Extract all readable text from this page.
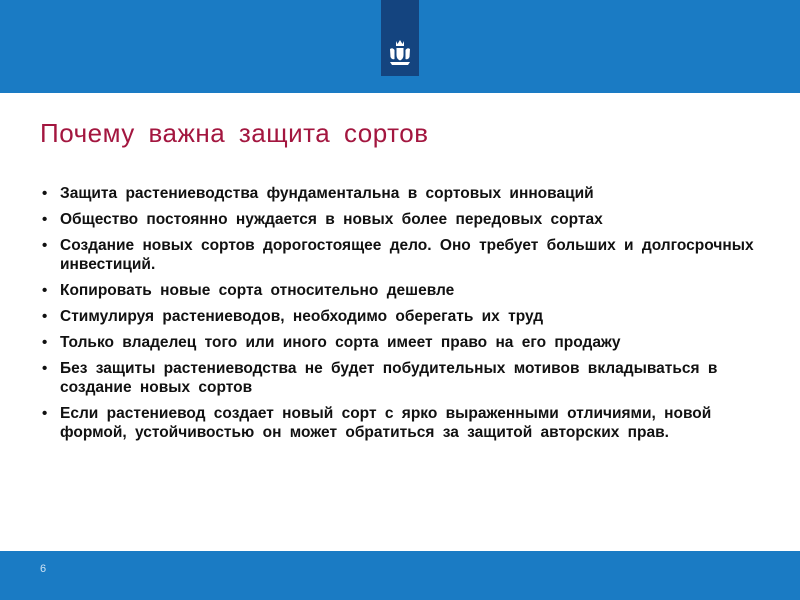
Почему важна защита сортов
• Защита растениеводства фундаментальна в сортовых инноваций
• Общество постоянно нуждается в новых более передовых сортах
• Создание новых сортов дорогостоящее дело. Оно требует больших и долгосрочных инвестиций.
• Копировать новые сорта относительно дешевле
• Стимулируя растениеводов, необходимо оберегать их труд
• Только владелец того или иного сорта имеет право на его продажу
• Без защиты растениеводства не будет побудительных мотивов вкладываться в создание новых сортов
• Если растениевод создает новый сорт с ярко выраженными отличиями, новой формой, устойчивостью он может обратиться за защитой авторских прав.
6
